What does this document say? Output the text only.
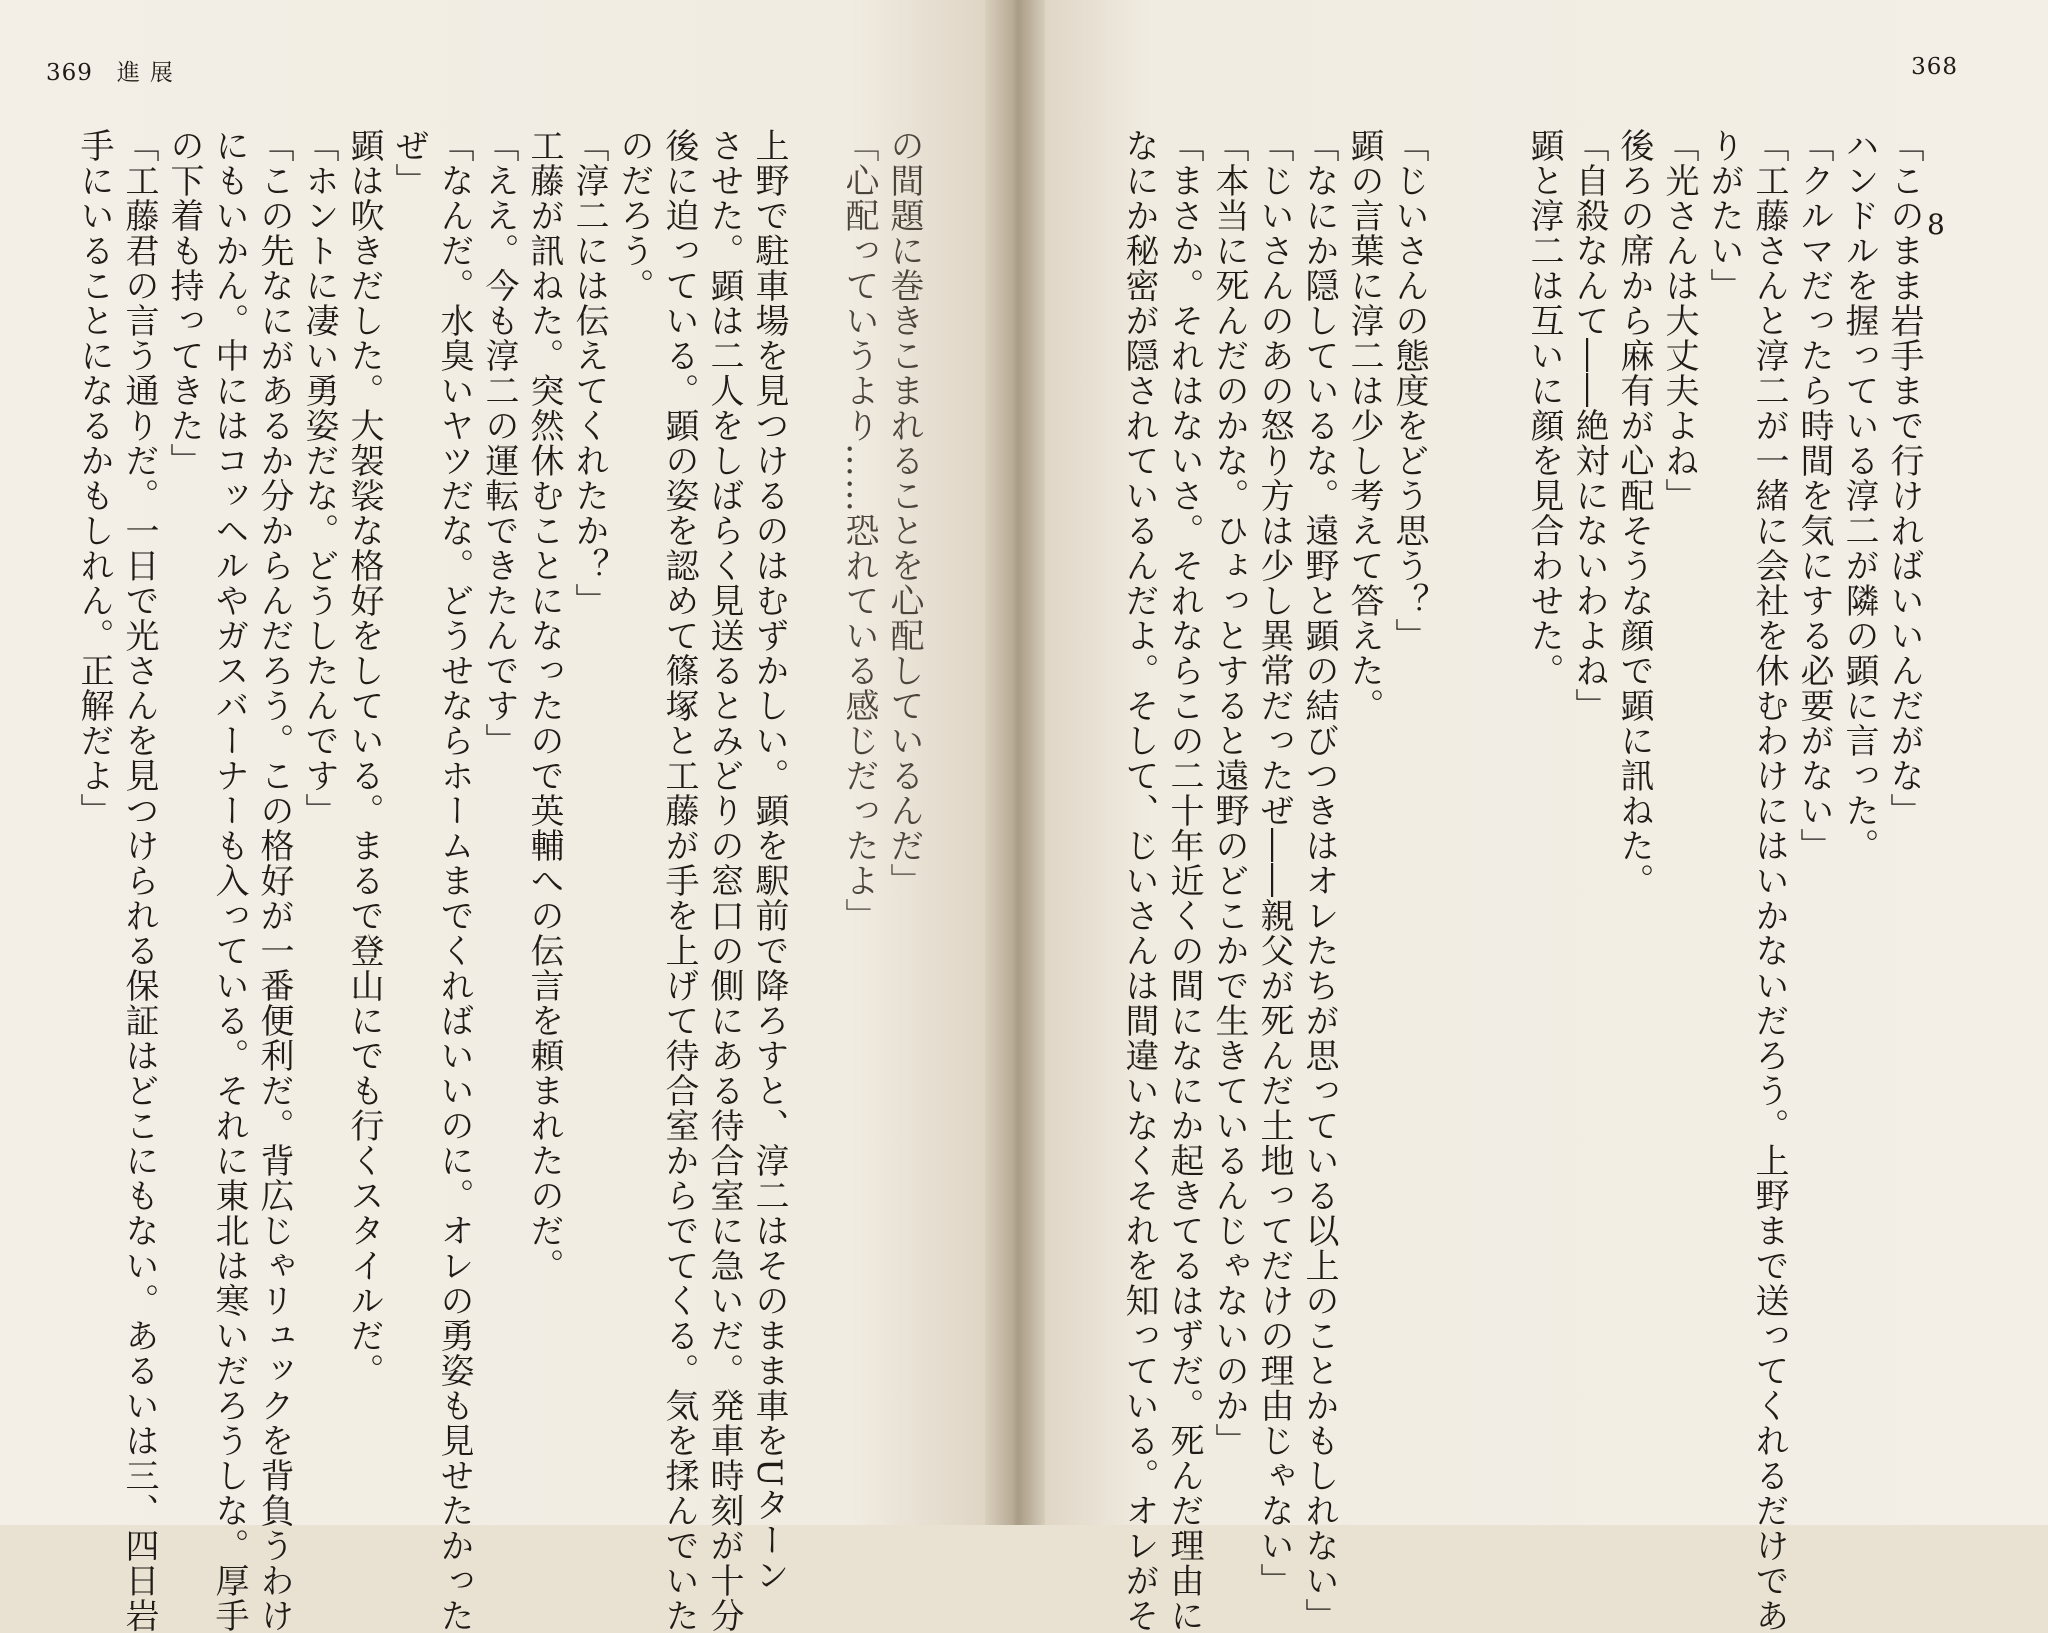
369 進展	368
8
「このまま岩手まで行ければいいんだがな」
ハンドルを握っている淳二が隣の顕に言った。
「クルマだったら時間を気にする必要がない」
「工藤さんと淳二が一緒に会社を休むわけにはいかないだろう。上野まで送ってくれるだけであ
りがたい」
「光さんは大丈夫よね」
後ろの席から麻有が心配そうな顔で顕に訊ねた。
「自殺なんて――絶対にないわよね」
顕と淳二は互いに顔を見合わせた。
「じいさんの態度をどう思う？」
顕の言葉に淳二は少し考えて答えた。
「なにか隠しているな。遠野と顕の結びつきはオレたちが思っている以上のことかもしれない」
「じいさんのあの怒り方は少し異常だったぜ――親父が死んだ土地ってだけの理由じゃない」
「本当に死んだのかな。ひょっとすると遠野のどこかで生きているんじゃないのか」
「まさか。それはないさ。それならこの二十年近くの間になにか起きてるはずだ。死んだ理由に
なにか秘密が隠されているんだよ。そして、じいさんは間違いなくそれを知っている。オレがそ
の間題に巻きこまれることを心配しているんだ」
「心配っていうより……恐れている感じだったよ」
上野で駐車場を見つけるのはむずかしい。顕を駅前で降ろすと、淳二はそのまま車をUターン
させた。顕は二人をしばらく見送るとみどりの窓口の側にある待合室に急いだ。発車時刻が十分
後に迫っている。顕の姿を認めて篠塚と工藤が手を上げて待合室からでてくる。気を揉んでいた
のだろう。
「淳二には伝えてくれたか？」
工藤が訊ねた。突然休むことになったので英輔への伝言を頼まれたのだ。
「ええ。今も淳二の運転できたんです」
「なんだ。水臭いヤツだな。どうせならホームまでくればいいのに。オレの勇姿も見せたかった
ぜ」
顕は吹きだした。大袈裟な格好をしている。まるで登山にでも行くスタイルだ。
「ホントに凄い勇姿だな。どうしたんです」
「この先なにがあるか分からんだろう。この格好が一番便利だ。背広じゃリュックを背負うわけ
にもいかん。中にはコッヘルやガスバーナーも入っている。それに東北は寒いだろうしな。厚手
の下着も持ってきた」
「工藤君の言う通りだ。一日で光さんを見つけられる保証はどこにもない。あるいは三、四日岩
手にいることになるかもしれん。正解だよ」
